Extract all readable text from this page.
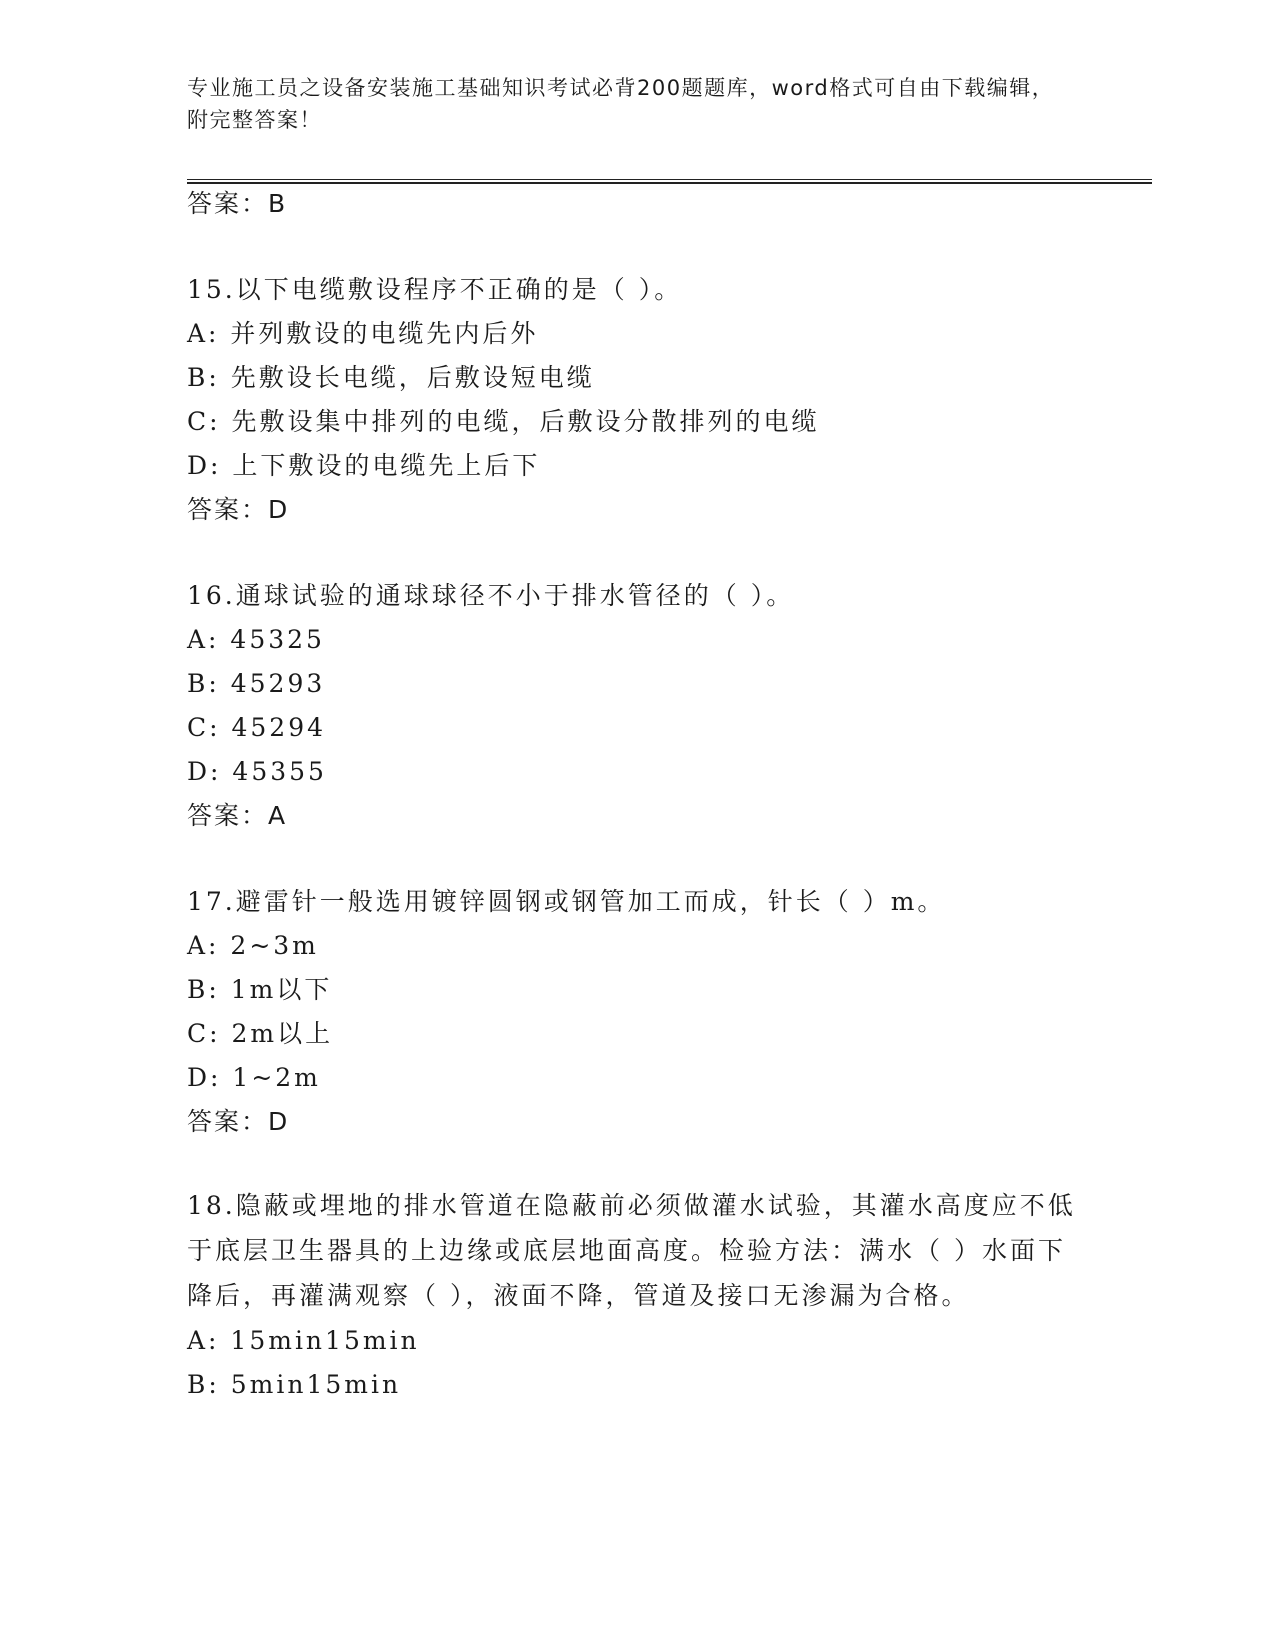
专业施工员之设备安装施工基础知识考试必背200题题库，word格式可自由下载编辑，附完整答案！
答案：B
15.以下电缆敷设程序不正确的是（ ）。
A: 并列敷设的电缆先内后外
B: 先敷设长电缆，后敷设短电缆
C: 先敷设集中排列的电缆，后敷设分散排列的电缆
D: 上下敷设的电缆先上后下
答案：D
16.通球试验的通球球径不小于排水管径的（ ）。
A: 45325
B: 45293
C: 45294
D: 45355
答案：A
17.避雷针一般选用镀锌圆钢或钢管加工而成，针长（ ）m。
A: 2~3m
B: 1m以下
C: 2m以上
D: 1~2m
答案：D
18.隐蔽或埋地的排水管道在隐蔽前必须做灌水试验，其灌水高度应不低于底层卫生器具的上边缘或底层地面高度。检验方法：满水（ ）水面下降后，再灌满观察（ ），液面不降，管道及接口无渗漏为合格。
A: 15min15min
B: 5min15min
